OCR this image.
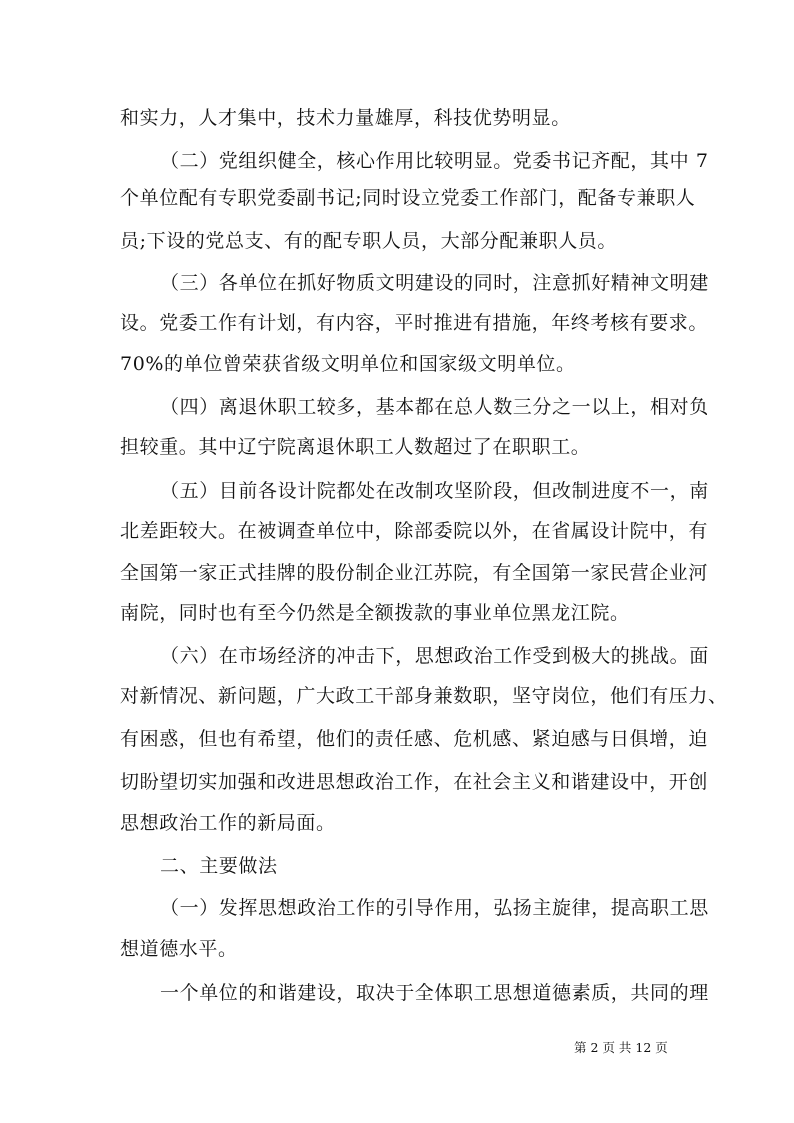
和实力，人才集中，技术力量雄厚，科技优势明显。
（二）党组织健全，核心作用比较明显。党委书记齐配，其中 7
个单位配有专职党委副书记;同时设立党委工作部门，配备专兼职人
员;下设的党总支、有的配专职人员，大部分配兼职人员。
（三）各单位在抓好物质文明建设的同时，注意抓好精神文明建
设。党委工作有计划，有内容，平时推进有措施，年终考核有要求。
70%的单位曾荣获省级文明单位和国家级文明单位。
（四）离退休职工较多，基本都在总人数三分之一以上，相对负
担较重。其中辽宁院离退休职工人数超过了在职职工。
（五）目前各设计院都处在改制攻坚阶段，但改制进度不一，南
北差距较大。在被调查单位中，除部委院以外，在省属设计院中，有
全国第一家正式挂牌的股份制企业江苏院，有全国第一家民营企业河
南院，同时也有至今仍然是全额拨款的事业单位黑龙江院。
（六）在市场经济的冲击下，思想政治工作受到极大的挑战。面
对新情况、新问题，广大政工干部身兼数职，坚守岗位，他们有压力、
有困惑，但也有希望，他们的责任感、危机感、紧迫感与日俱增，迫
切盼望切实加强和改进思想政治工作，在社会主义和谐建设中，开创
思想政治工作的新局面。
二、主要做法
（一）发挥思想政治工作的引导作用，弘扬主旋律，提高职工思
想道德水平。
一个单位的和谐建设，取决于全体职工思想道德素质，共同的理
第 2 页 共 12 页
